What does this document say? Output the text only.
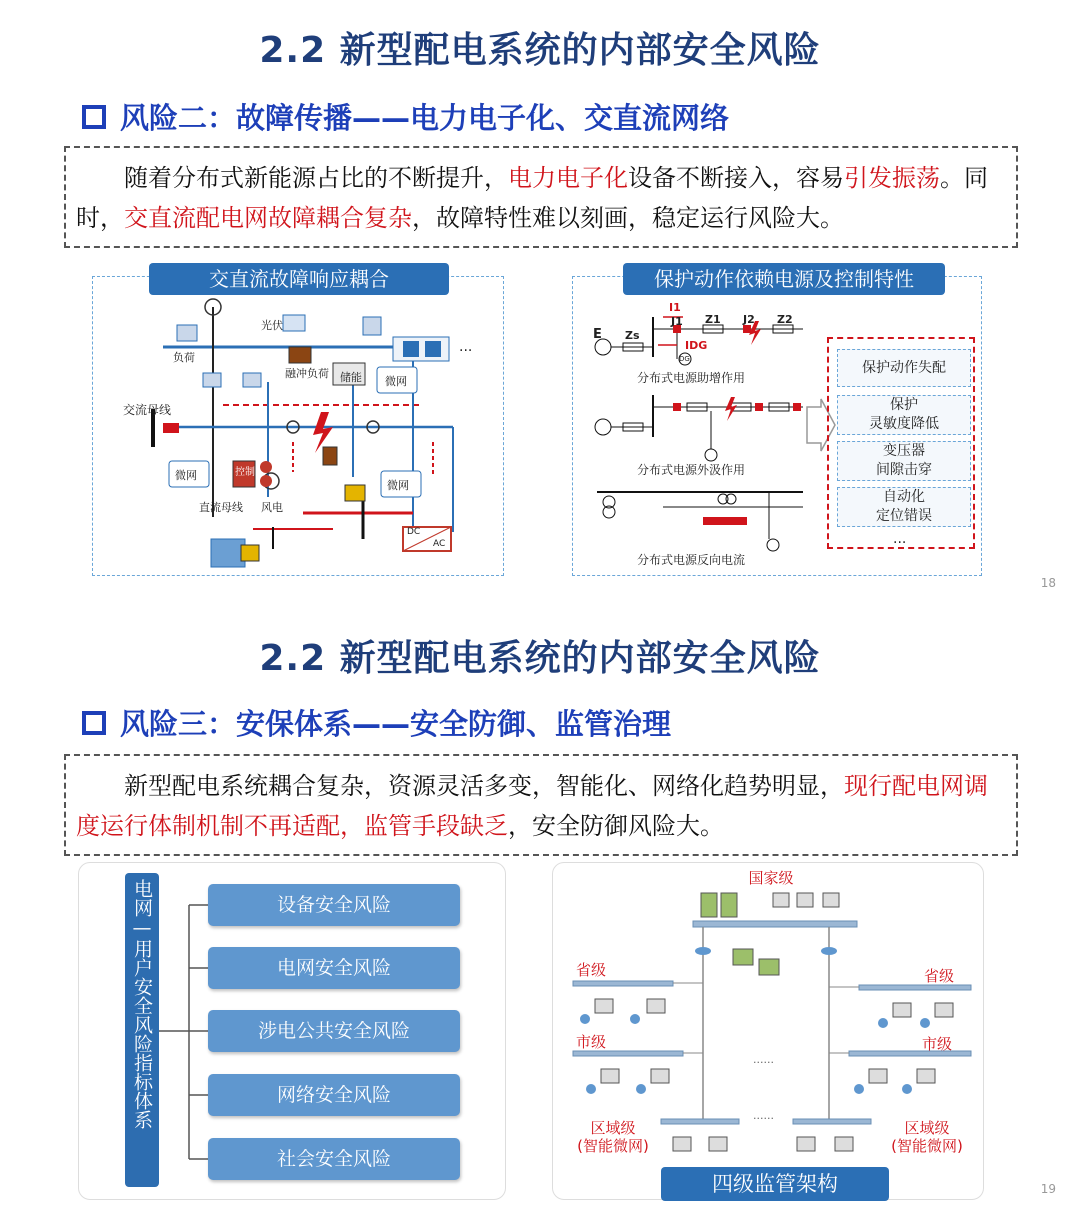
2.2 新型配电系统的内部安全风险
风险二：故障传播——电力电子化、交直流网络
随着分布式新能源占比的不断提升，电力电子化设备不断接入，容易引发振荡。同时，交直流配电网故障耦合复杂，故障特性难以刻画，稳定运行风险大。
交直流故障响应耦合
负荷
光伏
融冲负荷 储能 微网
微网
微网
交流母线
直流母线 风电
控制
DC
AC
...
保护动作依赖电源及控制特性
E Zs
J1 Z1 J2 Z2
I1
IDG
DG
分布式电源助增作用
分布式电源外汲作用
分布式电源反向电流
保护动作失配
保护
灵敏度降低
变压器
间隙击穿
自动化
定位错误
...
18
2.2 新型配电系统的内部安全风险
风险三：安保体系——安全防御、监管治理
新型配电系统耦合复杂，资源灵活多变，智能化、网络化趋势明显，现行配电网调度运行体制机制不再适配，监管手段缺乏，安全防御风险大。
电网—用户安全风险指标体系	设备安全风险
电网安全风险
涉电公共安全风险
网络安全风险
社会安全风险
国家级
省级	省级
市级	市级
区域级
(智能微网)
区域级
(智能微网)
......
......
四级监管架构	19
